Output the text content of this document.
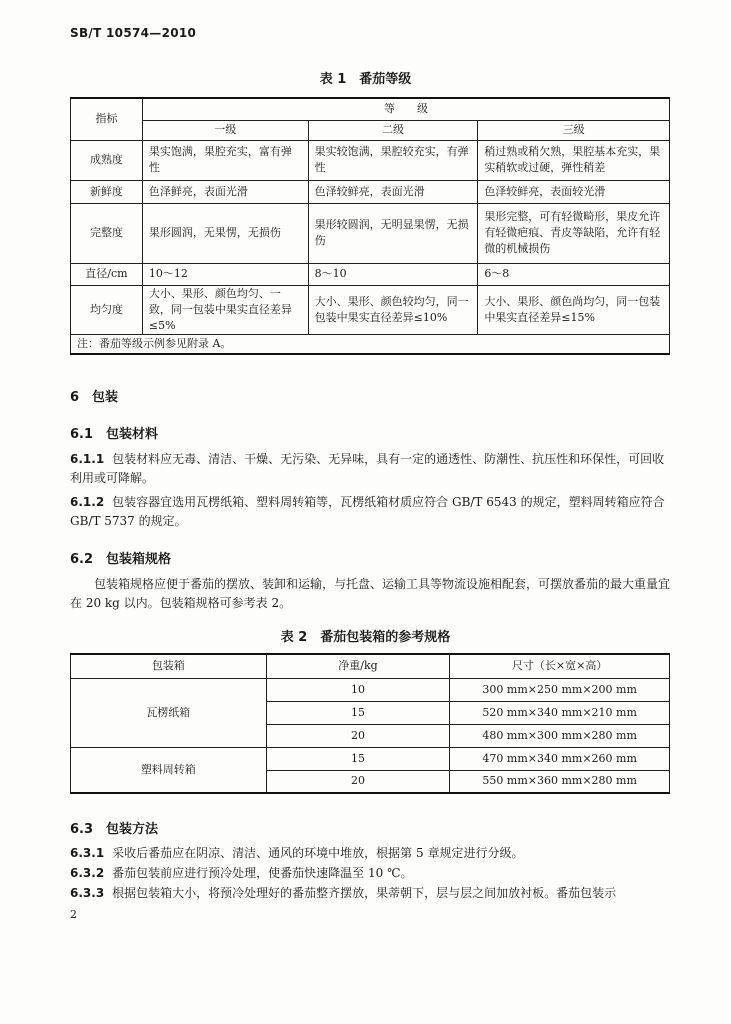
SB/T 10574—2010
表 1　番茄等级
指标	等　　级		
	一级	二级	三级
成熟度	果实饱满，果腔充实，富有弹性	果实较饱满，果腔较充实，有弹性	稍过熟或稍欠熟，果腔基本充实，果实稍软或过硬，弹性稍差
新鲜度	色泽鲜亮，表面光滑	色泽较鲜亮，表面光滑	色泽较鲜亮，表面较光滑
完整度	果形圆润，无果愣，无损伤	果形较圆润，无明显果愣，无损伤	果形完整，可有轻微畸形，果皮允许有轻微疤痕、青皮等缺陷，允许有轻微的机械损伤
直径/cm	10～12	8～10	6～8
均匀度	大小、果形、颜色均匀、一致，同一包装中果实直径差异≤5%	大小、果形、颜色较均匀，同一包装中果实直径差异≤10%	大小、果形、颜色尚均匀，同一包装中果实直径差异≤15%
注：番茄等级示例参见附录 A。			
6　包装
6.1　包装材料
6.1.1 包装材料应无毒、清洁、干燥、无污染、无异味，具有一定的通透性、防潮性、抗压性和环保性，可回收利用或可降解。
6.1.2 包装容器宜选用瓦楞纸箱、塑料周转箱等，瓦楞纸箱材质应符合 GB/T 6543 的规定，塑料周转箱应符合 GB/T 5737 的规定。
6.2　包装箱规格
包装箱规格应便于番茄的摆放、装卸和运输，与托盘、运输工具等物流设施相配套，可摆放番茄的最大重量宜在 20 kg 以内。包装箱规格可参考表 2。
表 2　番茄包装箱的参考规格
包装箱	净重/kg	尺寸（长×宽×高）
瓦楞纸箱	10	300 mm×250 mm×200 mm
	15	520 mm×340 mm×210 mm
	20	480 mm×300 mm×280 mm
塑料周转箱	15	470 mm×340 mm×260 mm
	20	550 mm×360 mm×280 mm
6.3　包装方法
6.3.1 采收后番茄应在阴凉、清洁、通风的环境中堆放，根据第 5 章规定进行分级。
6.3.2 番茄包装前应进行预冷处理，使番茄快速降温至 10 ℃。
6.3.3 根据包装箱大小，将预冷处理好的番茄整齐摆放，果蒂朝下，层与层之间加放衬板。番茄包装示
2
